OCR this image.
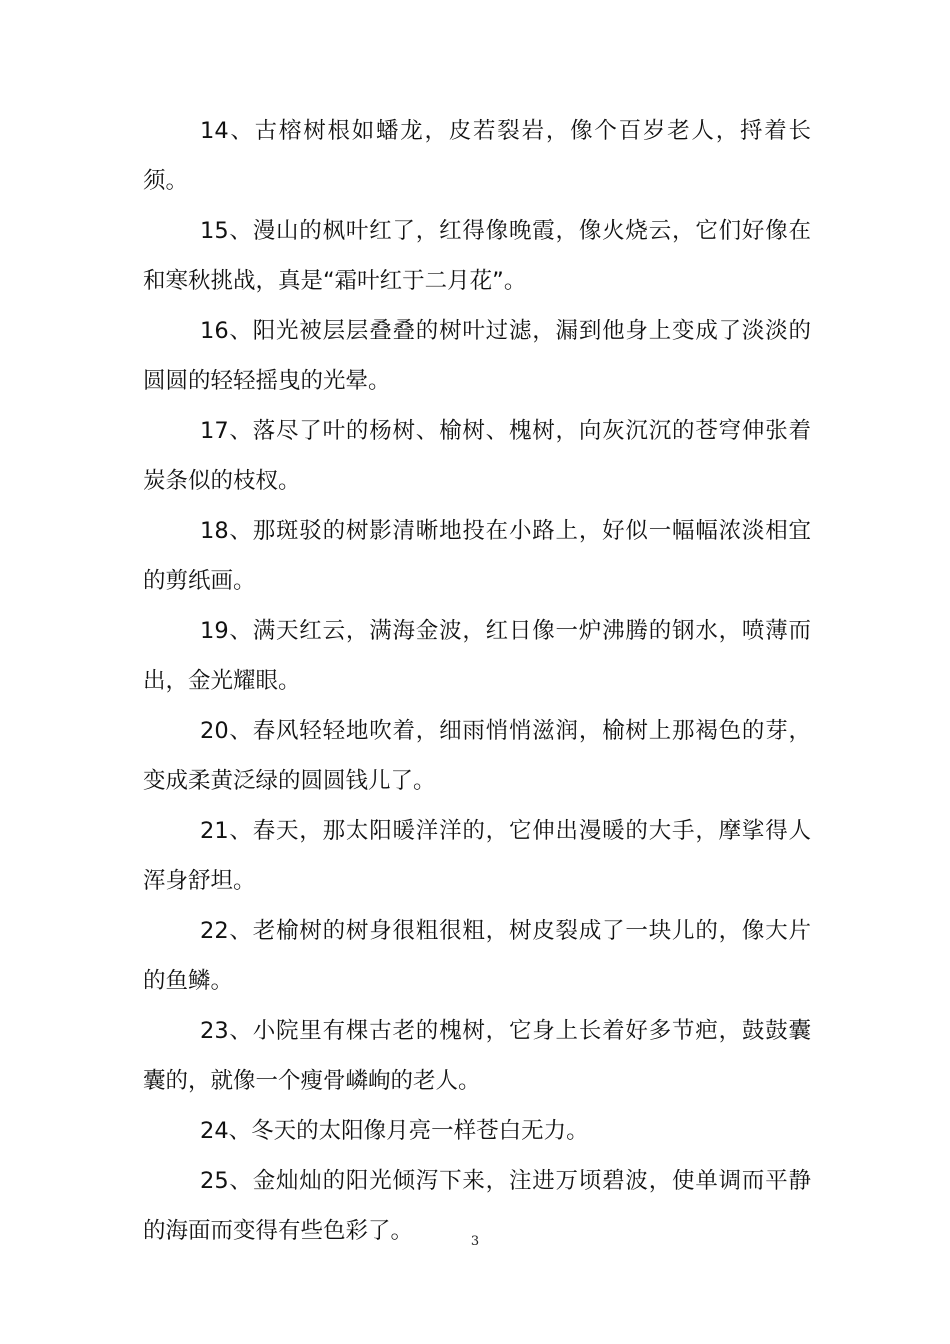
14、古榕树根如蟠龙，皮若裂岩，像个百岁老人，捋着长须。

15、漫山的枫叶红了，红得像晚霞，像火烧云，它们好像在和寒秋挑战，真是“霜叶红于二月花”。

16、阳光被层层叠叠的树叶过滤，漏到他身上变成了淡淡的圆圆的轻轻摇曳的光晕。

17、落尽了叶的杨树、榆树、槐树，向灰沉沉的苍穹伸张着炭条似的枝杈。

18、那斑驳的树影清晰地投在小路上，好似一幅幅浓淡相宜的剪纸画。

19、满天红云，满海金波，红日像一炉沸腾的钢水，喷薄而出，金光耀眼。

20、春风轻轻地吹着，细雨悄悄滋润，榆树上那褐色的芽，变成柔黄泛绿的圆圆钱儿了。

21、春天，那太阳暖洋洋的，它伸出漫暖的大手，摩挲得人浑身舒坦。

22、老榆树的树身很粗很粗，树皮裂成了一块儿的，像大片的鱼鳞。

23、小院里有棵古老的槐树，它身上长着好多节疤，鼓鼓囊囊的，就像一个瘦骨嶙峋的老人。

24、冬天的太阳像月亮一样苍白无力。

25、金灿灿的阳光倾泻下来，注进万顷碧波，使单调而平静的海面而变得有些色彩了。	3
